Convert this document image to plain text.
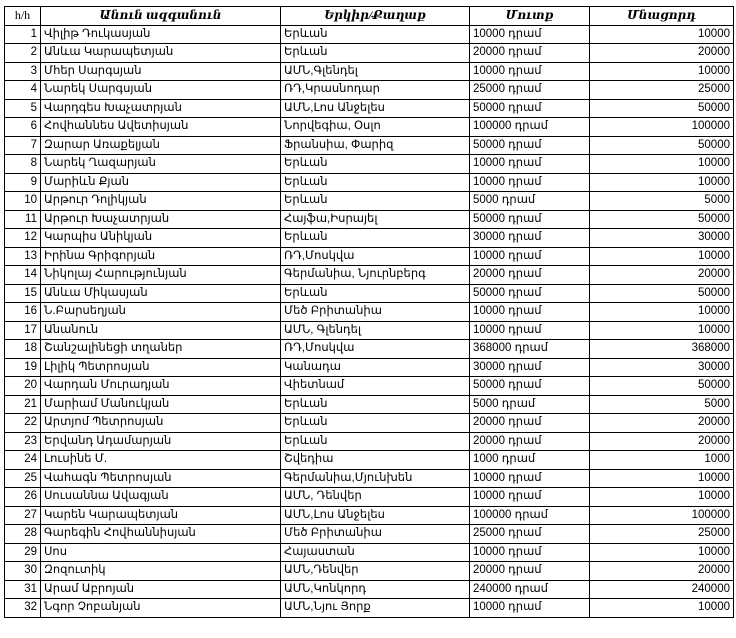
h/h	Անուն ազգանուն	Երկիր/Քաղաք	Մուտք	Մնացորդ
1	Վիլիթ Դուկասյան	Երևան	10000 դրամ	10000
2	Անևա Կարապետյան	Երևան	20000 դրամ	20000
3	Մհեր Սարգսյան	ԱՄՆ,Գլենդել	10000 դրամ	10000
4	Նարեկ Սարգսյան	ՌԴ,Կրասնոդար	25000 դրամ	25000
5	Վարդգես Խաչատրյան	ԱՄՆ,Լոս Անջելես	50000 դրամ	50000
6	Հովհաննես Ավետիսյան	Նորվեգիա, Օսլո	100000 դրամ	100000
7	Զարար Առաքելյան	Ֆրանսիա, Փարիզ	50000 դրամ	50000
8	Նարեկ Ղազարյան	Երևան	10000 դրամ	10000
9	Մարիևն Քյան	Երևան	10000 դրամ	10000
10	Արթուր Դոլիկյան	Երևան	5000 դրամ	5000
11	Արթուր Խաչատրյան	Հայֆա,Իսրայել	50000 դրամ	50000
12	Կարպիս Անիկյան	Երևան	30000 դրամ	30000
13	Իրինա Գրիգորյան	ՌԴ,Մոսկվա	10000 դրամ	10000
14	Նիկոլայ Հարությունյան	Գերմանիա, Նյուրնբերգ	20000 դրամ	20000
15	Անևա Միկասյան	Երևան	50000 դրամ	50000
16	Ն.Բարսեղյան	Մեծ Բրիտանիա	10000 դրամ	10000
17	Անանուն	ԱՄՆ, Գլենդել	10000 դրամ	10000
18	Շանշալինեցի տղաներ	ՌԴ,Մոսկվա	368000 դրամ	368000
19	Լիլիկ Պետրոսյան	Կանադա	30000 դրամ	30000
20	Վարդան Մուրադյան	Վիետնամ	50000 դրամ	50000
21	Մարիամ Մանուկյան	Երևան	5000 դրամ	5000
22	Արտյոմ Պետրոսյան	Երևան	20000 դրամ	20000
23	Երվանդ Ադամարյան	Երևան	20000 դրամ	20000
24	Լուսինե Մ.	Շվեդիա	1000 դրամ	1000
25	Վահագն Պետրոսյան	Գերմանիա,Մյունխեն	10000 դրամ	10000
26	Սուսաննա Ավագյան	ԱՄՆ, Դենվեր	10000 դրամ	10000
27	Կարեն Կարապետյան	ԱՄՆ,Լոս Անջելես	100000 դրամ	100000
28	Գարեգին Հովհաննիսյան	Մեծ Բրիտանիա	25000 դրամ	25000
29	Սոս	Հայաստան	10000 դրամ	10000
30	Զոզուտիկ	ԱՄՆ,Դենվեր	20000 դրամ	20000
31	Արամ Աբրոյան	ԱՄՆ,Կոնկորդ	240000 դրամ	240000
32	Նգոր Չոբանյան	ԱՄՆ,Նյու Յորք	10000 դրամ	10000
